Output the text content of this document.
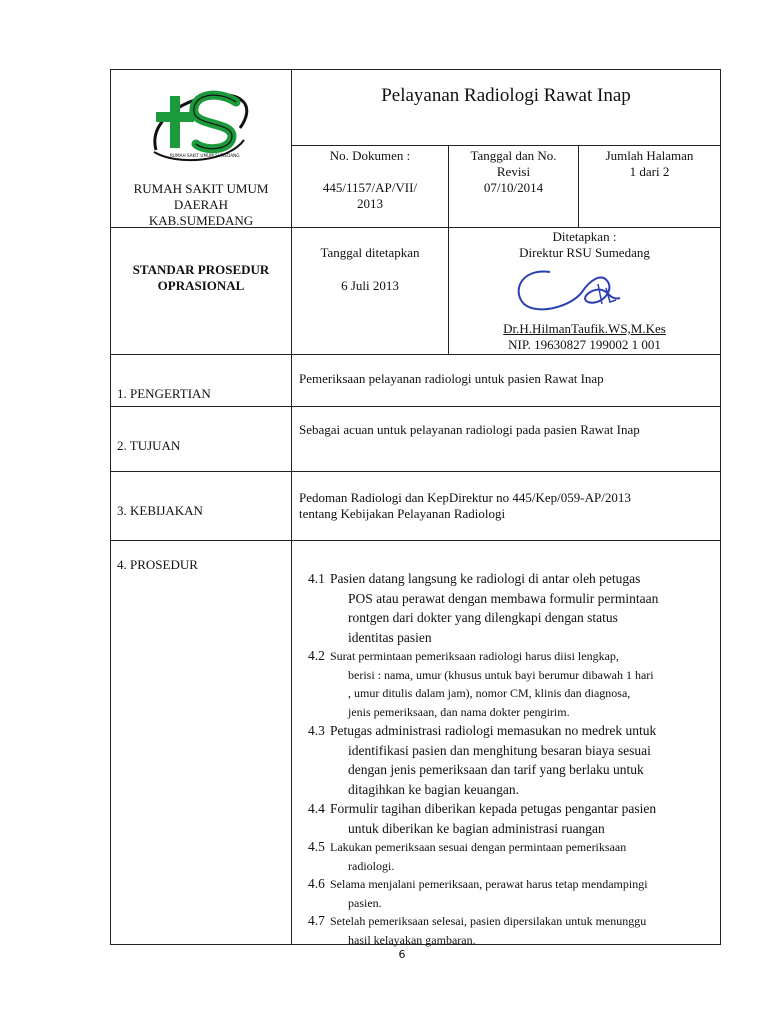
RUMAH SAKIT UMUM SUMEDANG
RUMAH SAKIT UMUM
DAERAH
KAB.SUMEDANG
Pelayanan Radiologi Rawat Inap
No. Dokumen :
445/1157/AP/VII/
2013
Tanggal dan No.
Revisi
07/10/2014
Jumlah Halaman
1 dari 2
STANDAR PROSEDUR
OPRASIONAL
Tanggal ditetapkan
6 Juli 2013
Ditetapkan :
Direktur RSU Sumedang
Dr.H.HilmanTaufik.WS,M.Kes
NIP. 19630827 199002 1 001
1. PENGERTIAN
Pemeriksaan pelayanan radiologi untuk pasien Rawat Inap
2. TUJUAN
Sebagai acuan untuk pelayanan radiologi pada pasien Rawat Inap
3. KEBIJAKAN
Pedoman Radiologi dan KepDirektur no 445/Kep/059-AP/2013
tentang Kebijakan Pelayanan Radiologi
4. PROSEDUR
4.1 Pasien datang langsung ke radiologi di antar oleh petugas
POS atau perawat dengan membawa formulir permintaan
rontgen dari dokter yang dilengkapi dengan status
identitas pasien
4.2 Surat permintaan pemeriksaan radiologi harus diisi lengkap,
berisi : nama, umur (khusus untuk bayi berumur dibawah 1 hari
, umur ditulis dalam jam), nomor CM, klinis dan diagnosa,
jenis pemeriksaan, dan nama dokter pengirim.
4.3 Petugas administrasi radiologi memasukan no medrek untuk
identifikasi pasien dan menghitung besaran biaya sesuai
dengan jenis pemeriksaan dan tarif yang berlaku untuk
ditagihkan ke bagian keuangan.
4.4 Formulir tagihan diberikan kepada petugas pengantar pasien
untuk diberikan ke bagian administrasi ruangan
4.5 Lakukan pemeriksaan sesuai dengan permintaan pemeriksaan
radiologi.
4.6 Selama menjalani pemeriksaan, perawat harus tetap mendampingi
pasien.
4.7 Setelah pemeriksaan selesai, pasien dipersilakan untuk menunggu
hasil kelayakan gambaran.
6
